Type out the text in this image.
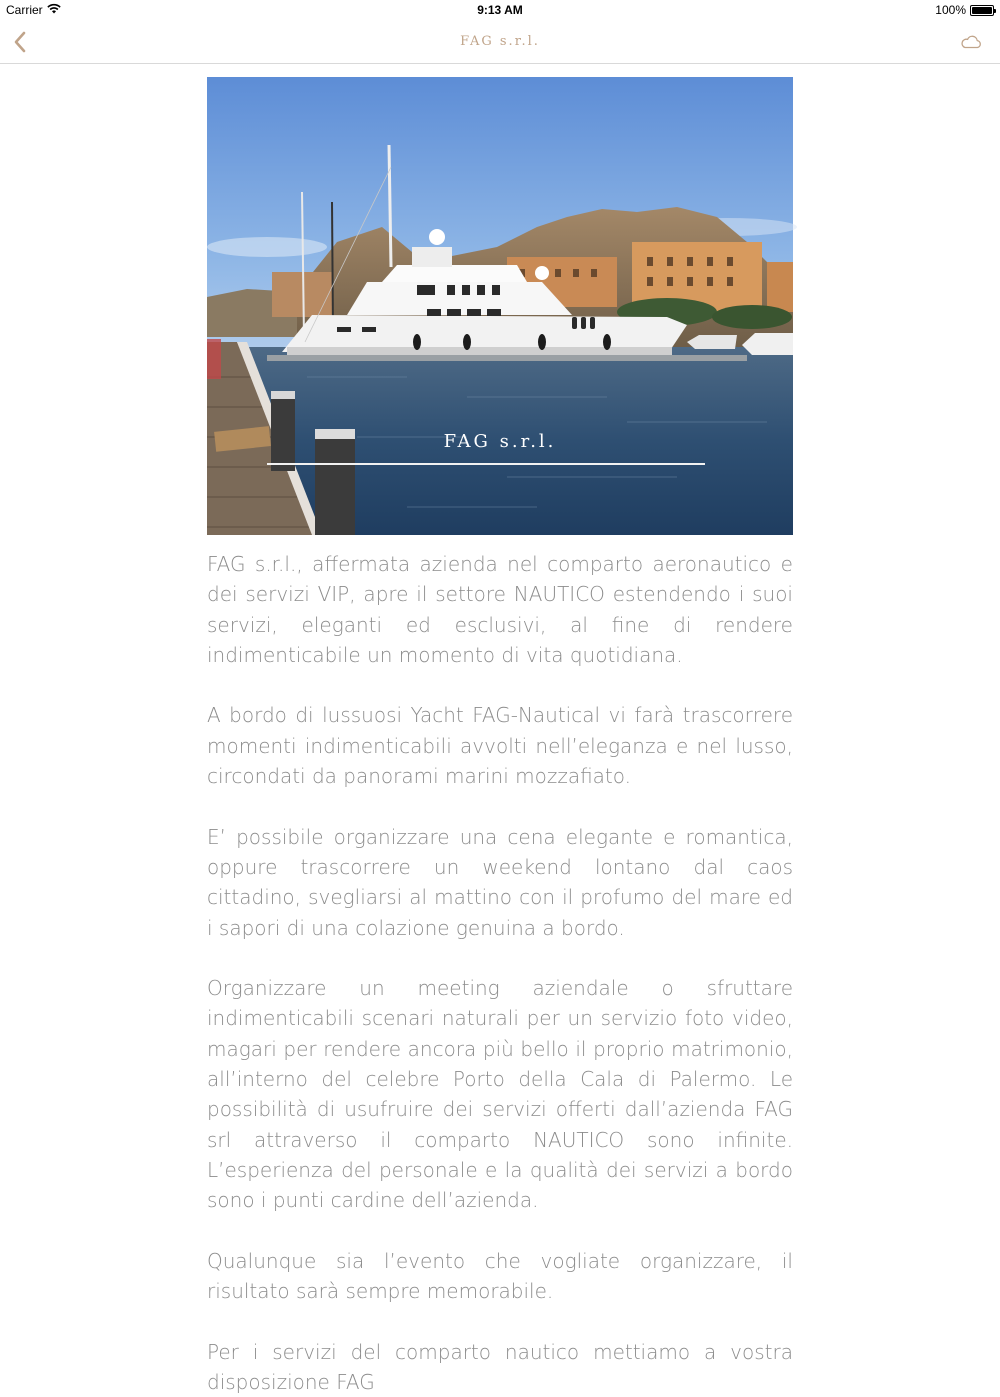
Carrier	9:13 AM	100%
FAG s.r.l.
FAG s.r.l.

FAG s.r.l., affermata azienda nel comparto aeronautico e dei servizi VIP, apre il settore NAUTICO estendendo i suoi servizi, eleganti ed esclusivi, al fine di rendere indimenticabile un momento di vita quotidiana.

A bordo di lussuosi Yacht FAG-Nautical vi farà trascorrere momenti indimenticabili avvolti nell’eleganza e nel lusso, circondati da panorami marini mozzafiato.

E’ possibile organizzare una cena elegante e romantica, oppure trascorrere un weekend lontano dal caos cittadino, svegliarsi al mattino con il profumo del mare ed i sapori di una colazione genuina a bordo.

Organizzare un meeting aziendale o sfruttare indimenticabili scenari naturali per un servizio foto video, magari per rendere ancora più bello il proprio matrimonio, all’interno del celebre Porto della Cala di Palermo. Le possibilità di usufruire dei servizi offerti dall’azienda FAG srl attraverso il comparto NAUTICO sono infinite. L’esperienza del personale e la qualità dei servizi a bordo sono i punti cardine dell’azienda.

Qualunque sia l’evento che vogliate organizzare, il risultato sarà sempre memorabile.

Per i servizi del comparto nautico mettiamo a vostra disposizione FAG
